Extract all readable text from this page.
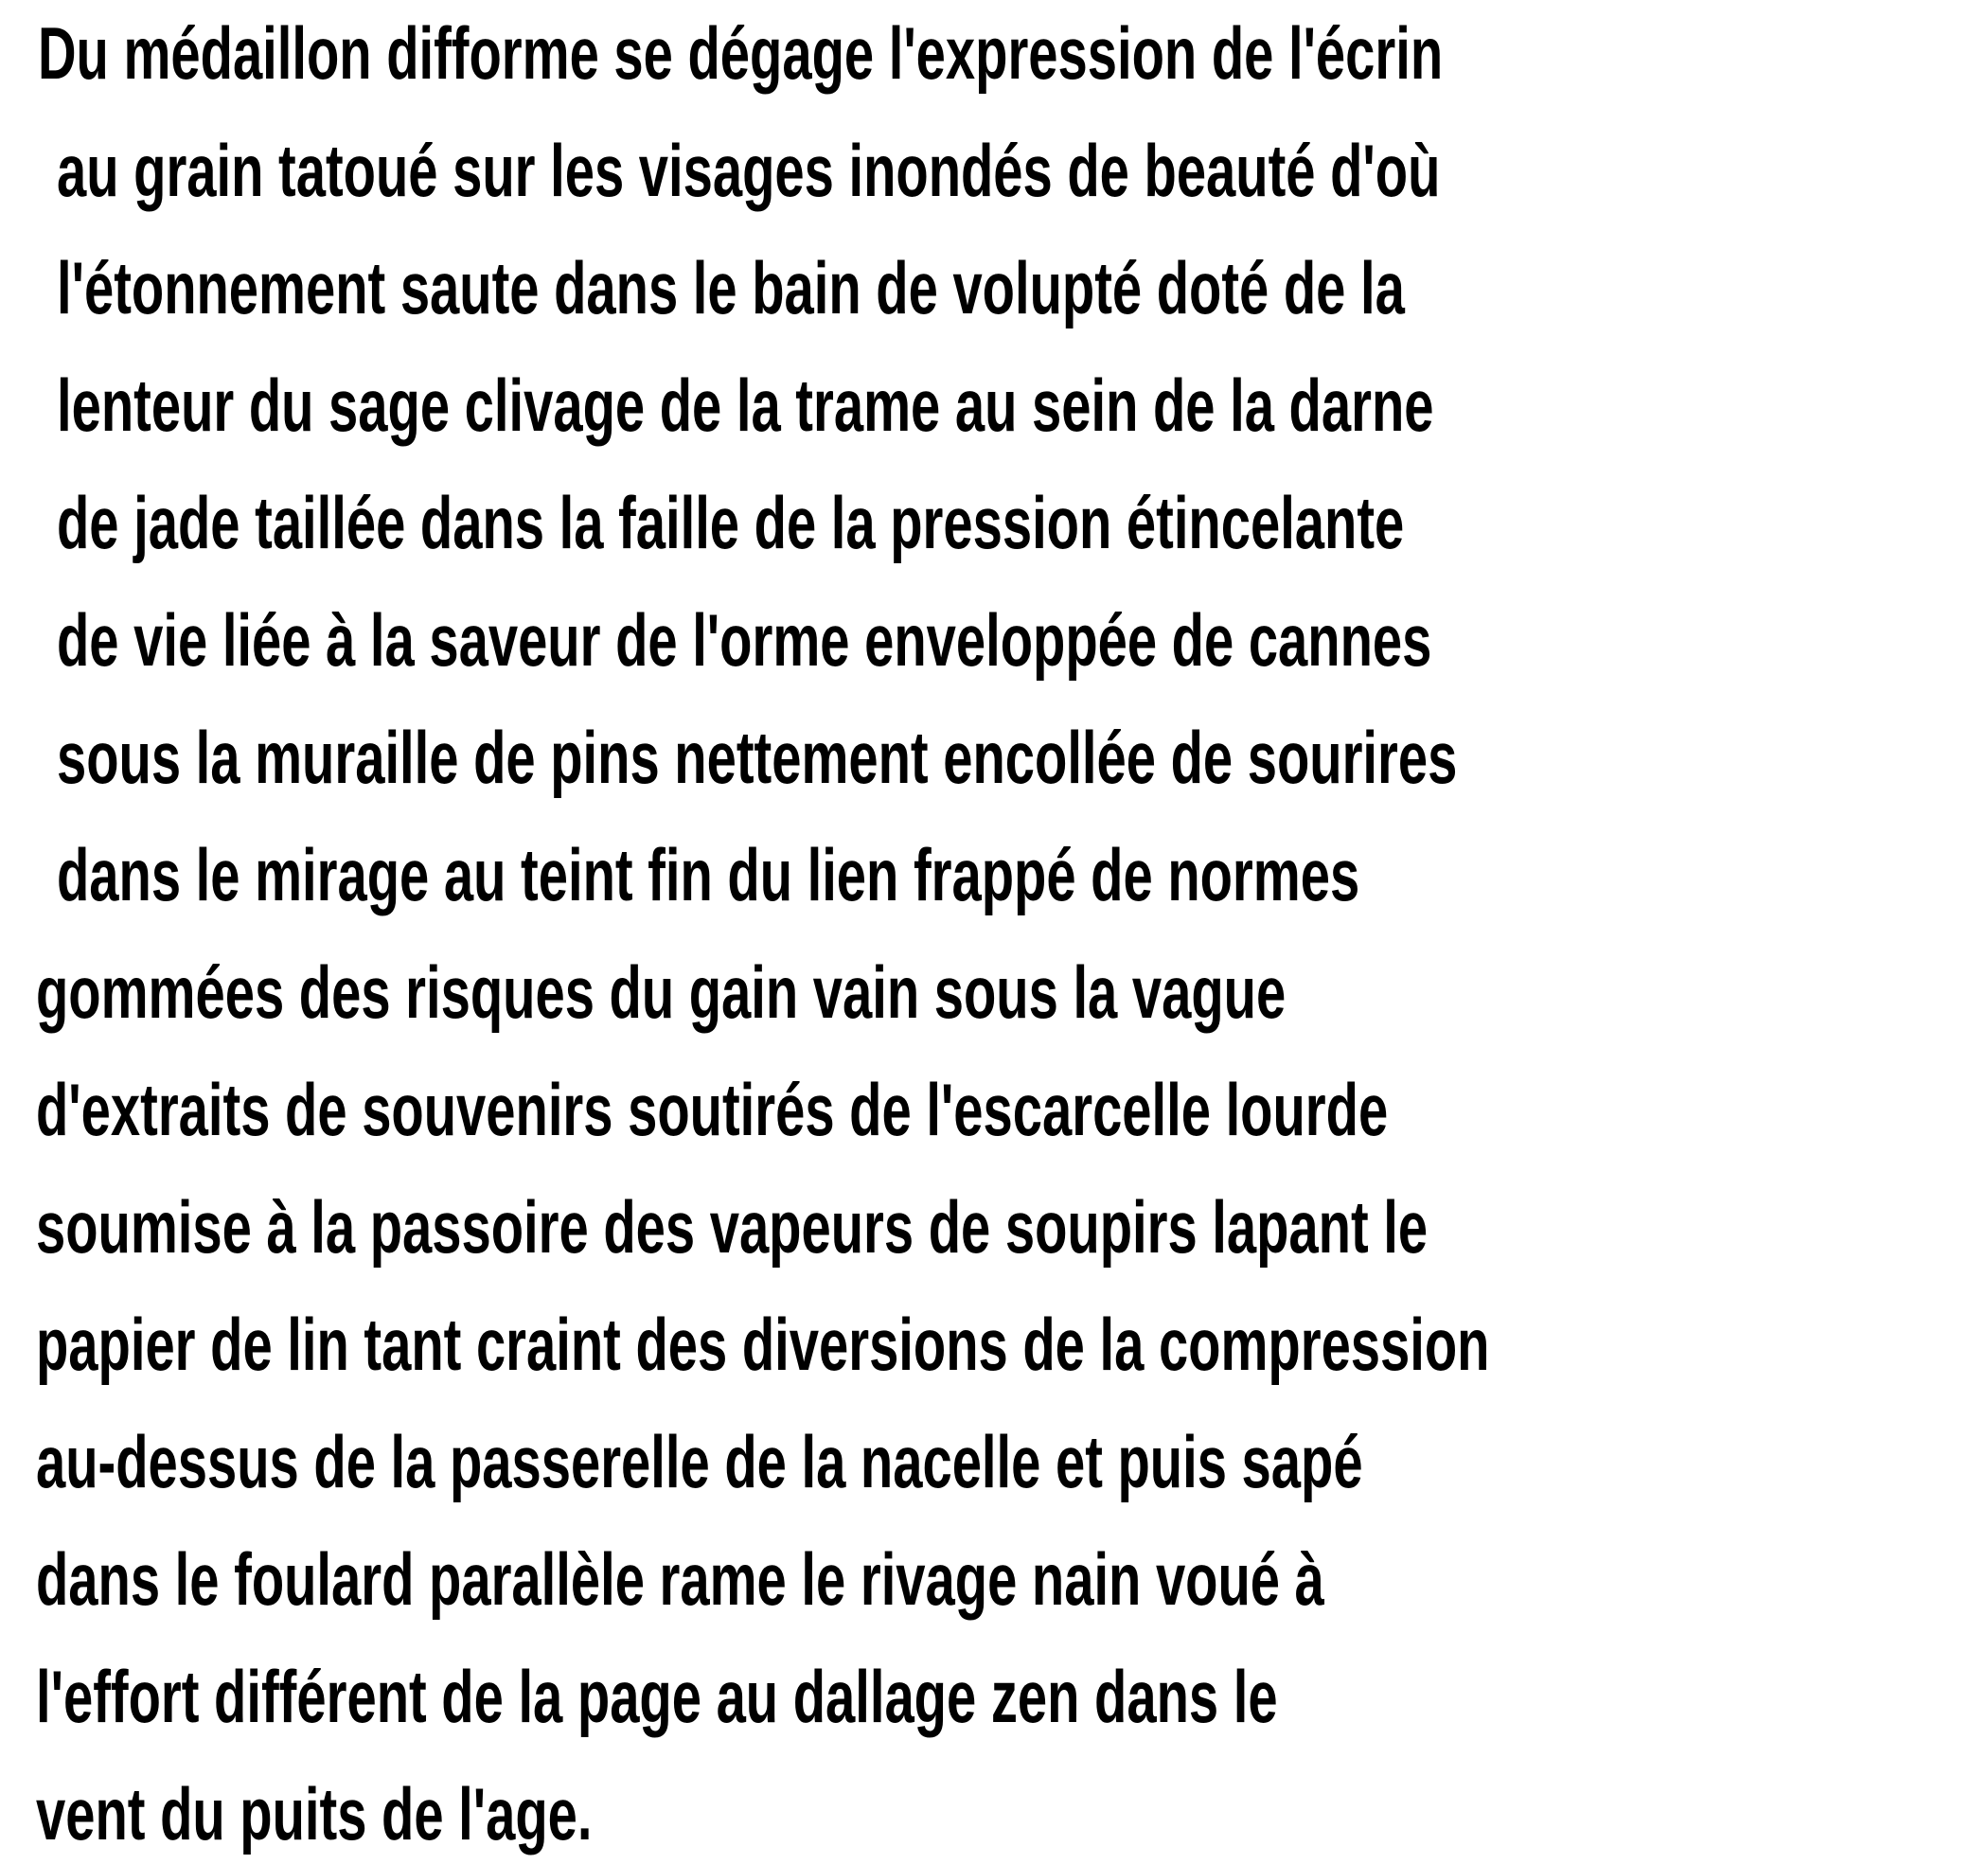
Du médaillon difforme se dégage l'expression de l'écrin
au grain tatoué sur les visages inondés de beauté d'où
l'étonnement saute dans le bain de volupté doté de la
lenteur du sage clivage de la trame au sein de la darne
de jade taillée dans la faille de la pression étincelante
de vie liée à la saveur de l'orme enveloppée de cannes
sous la muraille de pins nettement encollée de sourires
dans le mirage au teint fin du lien frappé de normes
gommées des risques du gain vain sous la vague
d'extraits de souvenirs soutirés de l'escarcelle lourde
soumise à la passoire des vapeurs de soupirs lapant le
papier de lin tant craint des diversions de la compression
au-dessus de la passerelle de la nacelle et puis sapé
dans le foulard parallèle rame le rivage nain voué à
l'effort différent de la page au dallage zen dans le
vent du puits de l'age.
